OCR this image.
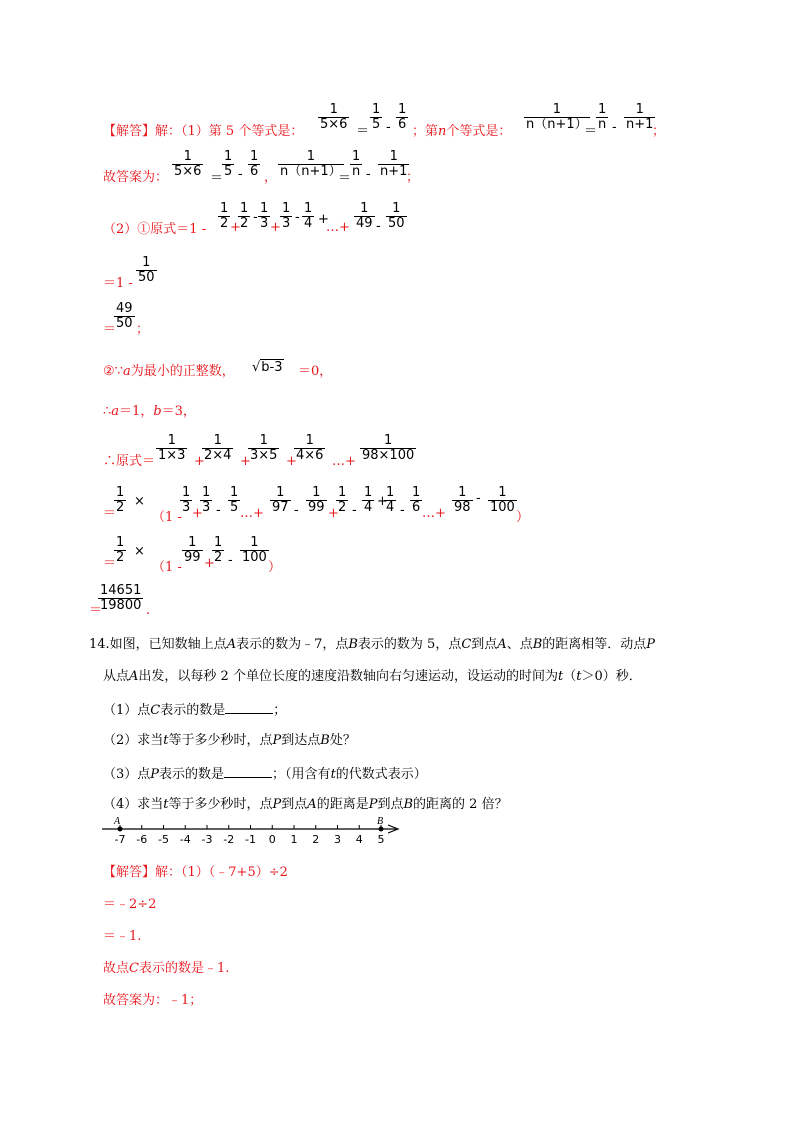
【解答】解：（1）第 5 个等式是：
1
5×6 ＝
1
5 -
1
6 ；第n个等式是：
1
n（n+1）
＝
1
n -
1
n+1
；
故答案为：
1
5×6 ＝
1
5 -
1
6 ，
1
n（n+1）
＝
1
n -
1
n+1
；
（2）①原式＝1 -
1
2 +
1
2 -
1
3 +
1
3 -
1
4 +
…+
1
49 -
1
50
＝1 -
1
50
＝
49
50 ；
②∵a为最小的正整数， √b-3 ＝0，
∴a＝1，b＝3，
∴原式＝
1
1×3 +
1
2×4 +
1
3×5 +
1
4×6 …+
1
98×100
＝
1
2 ×
（1 -
1
3 +
1
3 -
1
5 …+
1
97 -
1
99 +
1
2 -
1
4 +
1
4 -
1
6 …+
1
98
- 1
100
）
＝
1
2 ×
（1 -
1
99 +
1
2 -
1
100
）
＝
14651
19800 .
14.如图，已知数轴上点A表示的数为﹣7，点B表示的数为 5，点C到点A、点B的距离相等．动点P
从点A出发，以每秒 2 个单位长度的速度沿数轴向右匀速运动，设运动的时间为t（t＞0）秒．
（1）点C表示的数是	；
（2）求当t等于多少秒时，点P到达点B处？
（3）点P表示的数是	；（用含有t的代数式表示）
（4）求当t等于多少秒时，点P到点A的距离是P到点B的距离的 2 倍？
-7 -6 -5 -4 -3 -2 -1 0 1 2 3 4 5
A	B
【解答】解：（1）（﹣7+5）÷2
＝﹣2÷2
＝﹣1.
故点C表示的数是﹣1.
故答案为：﹣1；
